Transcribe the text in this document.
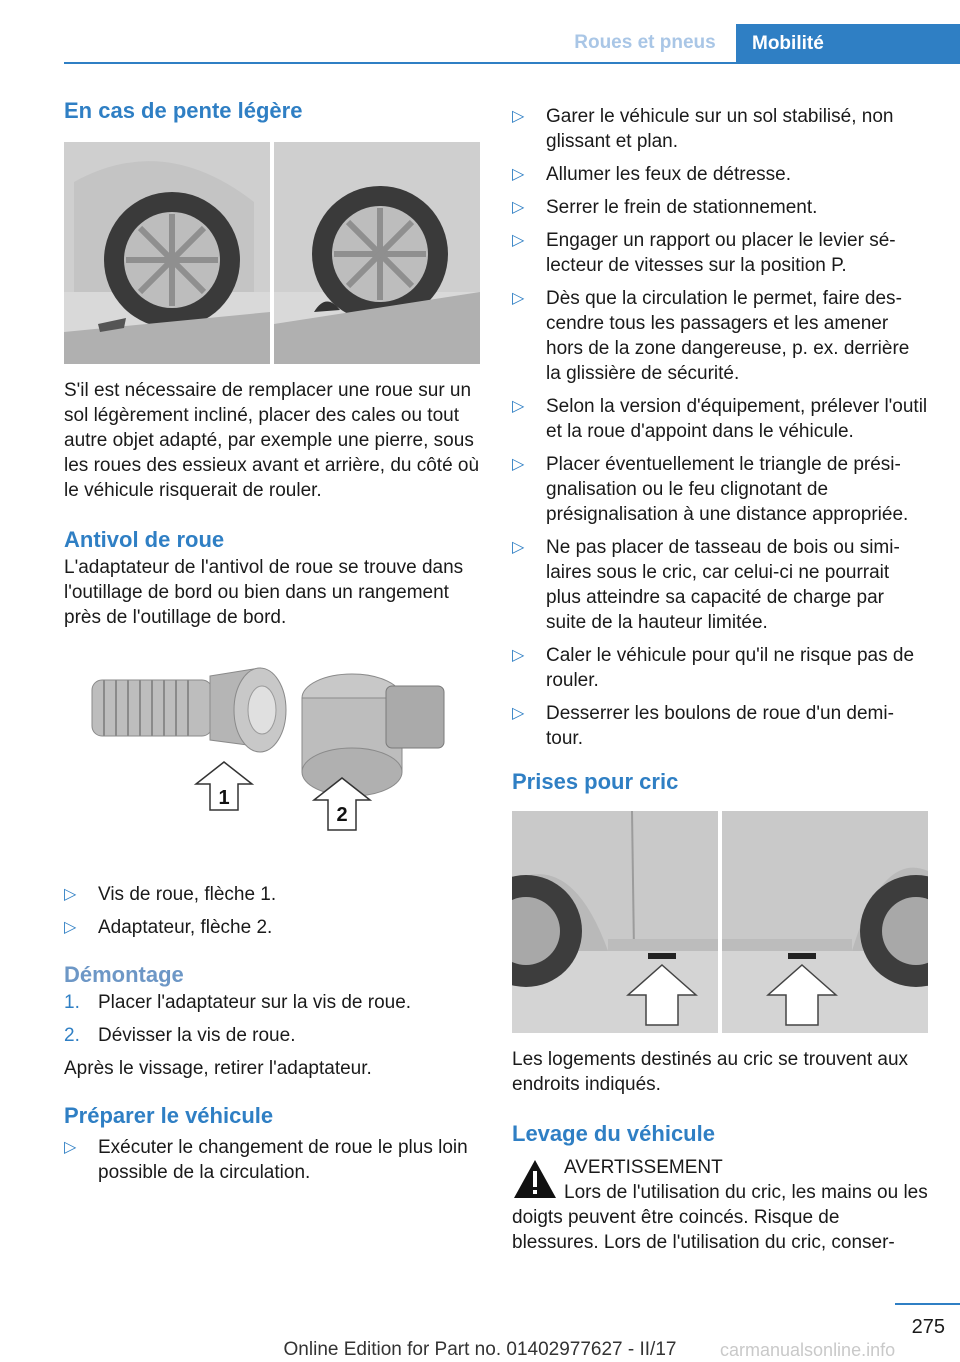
Roues et pneus	Mobilité
En cas de pente légère

S'il est nécessaire de remplacer une roue sur un sol légèrement incliné, placer des cales ou tout autre objet adapté, par exemple une pierre, sous les roues des essieux avant et arrière, du côté où le véhicule risquerait de rouler.

Antivol de roue

L'adaptateur de l'antivol de roue se trouve dans l'outillage de bord ou bien dans un rangement près de l'outillage de bord.

1
2
▷	Vis de roue, flèche 1.
▷	Adaptateur, flèche 2.
Démontage
1. Placer l'adaptateur sur la vis de roue.
2. Dévisser la vis de roue.

Après le vissage, retirer l'adaptateur.

Préparer le véhicule
▷	Exécuter le changement de roue le plus loin possible de la circulation.
▷	Garer le véhicule sur un sol stabilisé, non glissant et plan.
▷	Allumer les feux de détresse.
▷	Serrer le frein de stationnement.
▷	Engager un rapport ou placer le levier sélecteur de vitesses sur la position P.
▷	Dès que la circulation le permet, faire descendre tous les passagers et les amener hors de la zone dangereuse, p. ex. derrière la glissière de sécurité.
▷	Selon la version d'équipement, prélever l'outil et la roue d'appoint dans le véhicule.
▷	Placer éventuellement le triangle de présignalisation ou le feu clignotant de présignalisation à une distance appropriée.
▷	Ne pas placer de tasseau de bois ou similaires sous le cric, car celui-ci ne pourrait plus atteindre sa capacité de charge par suite de la hauteur limitée.
▷	Caler le véhicule pour qu'il ne risque pas de rouler.
▷	Desserrer les boulons de roue d'un demi-tour.
Prises pour cric

Les logements destinés au cric se trouvent aux endroits indiqués.

Levage du véhicule
AVERTISSEMENT
Lors de l'utilisation du cric, les mains ou les doigts peuvent être coincés. Risque de blessures. Lors de l'utilisation du cric, conser-
275
Online Edition for Part no. 01402977627 - II/17	carmanualsonline.info
